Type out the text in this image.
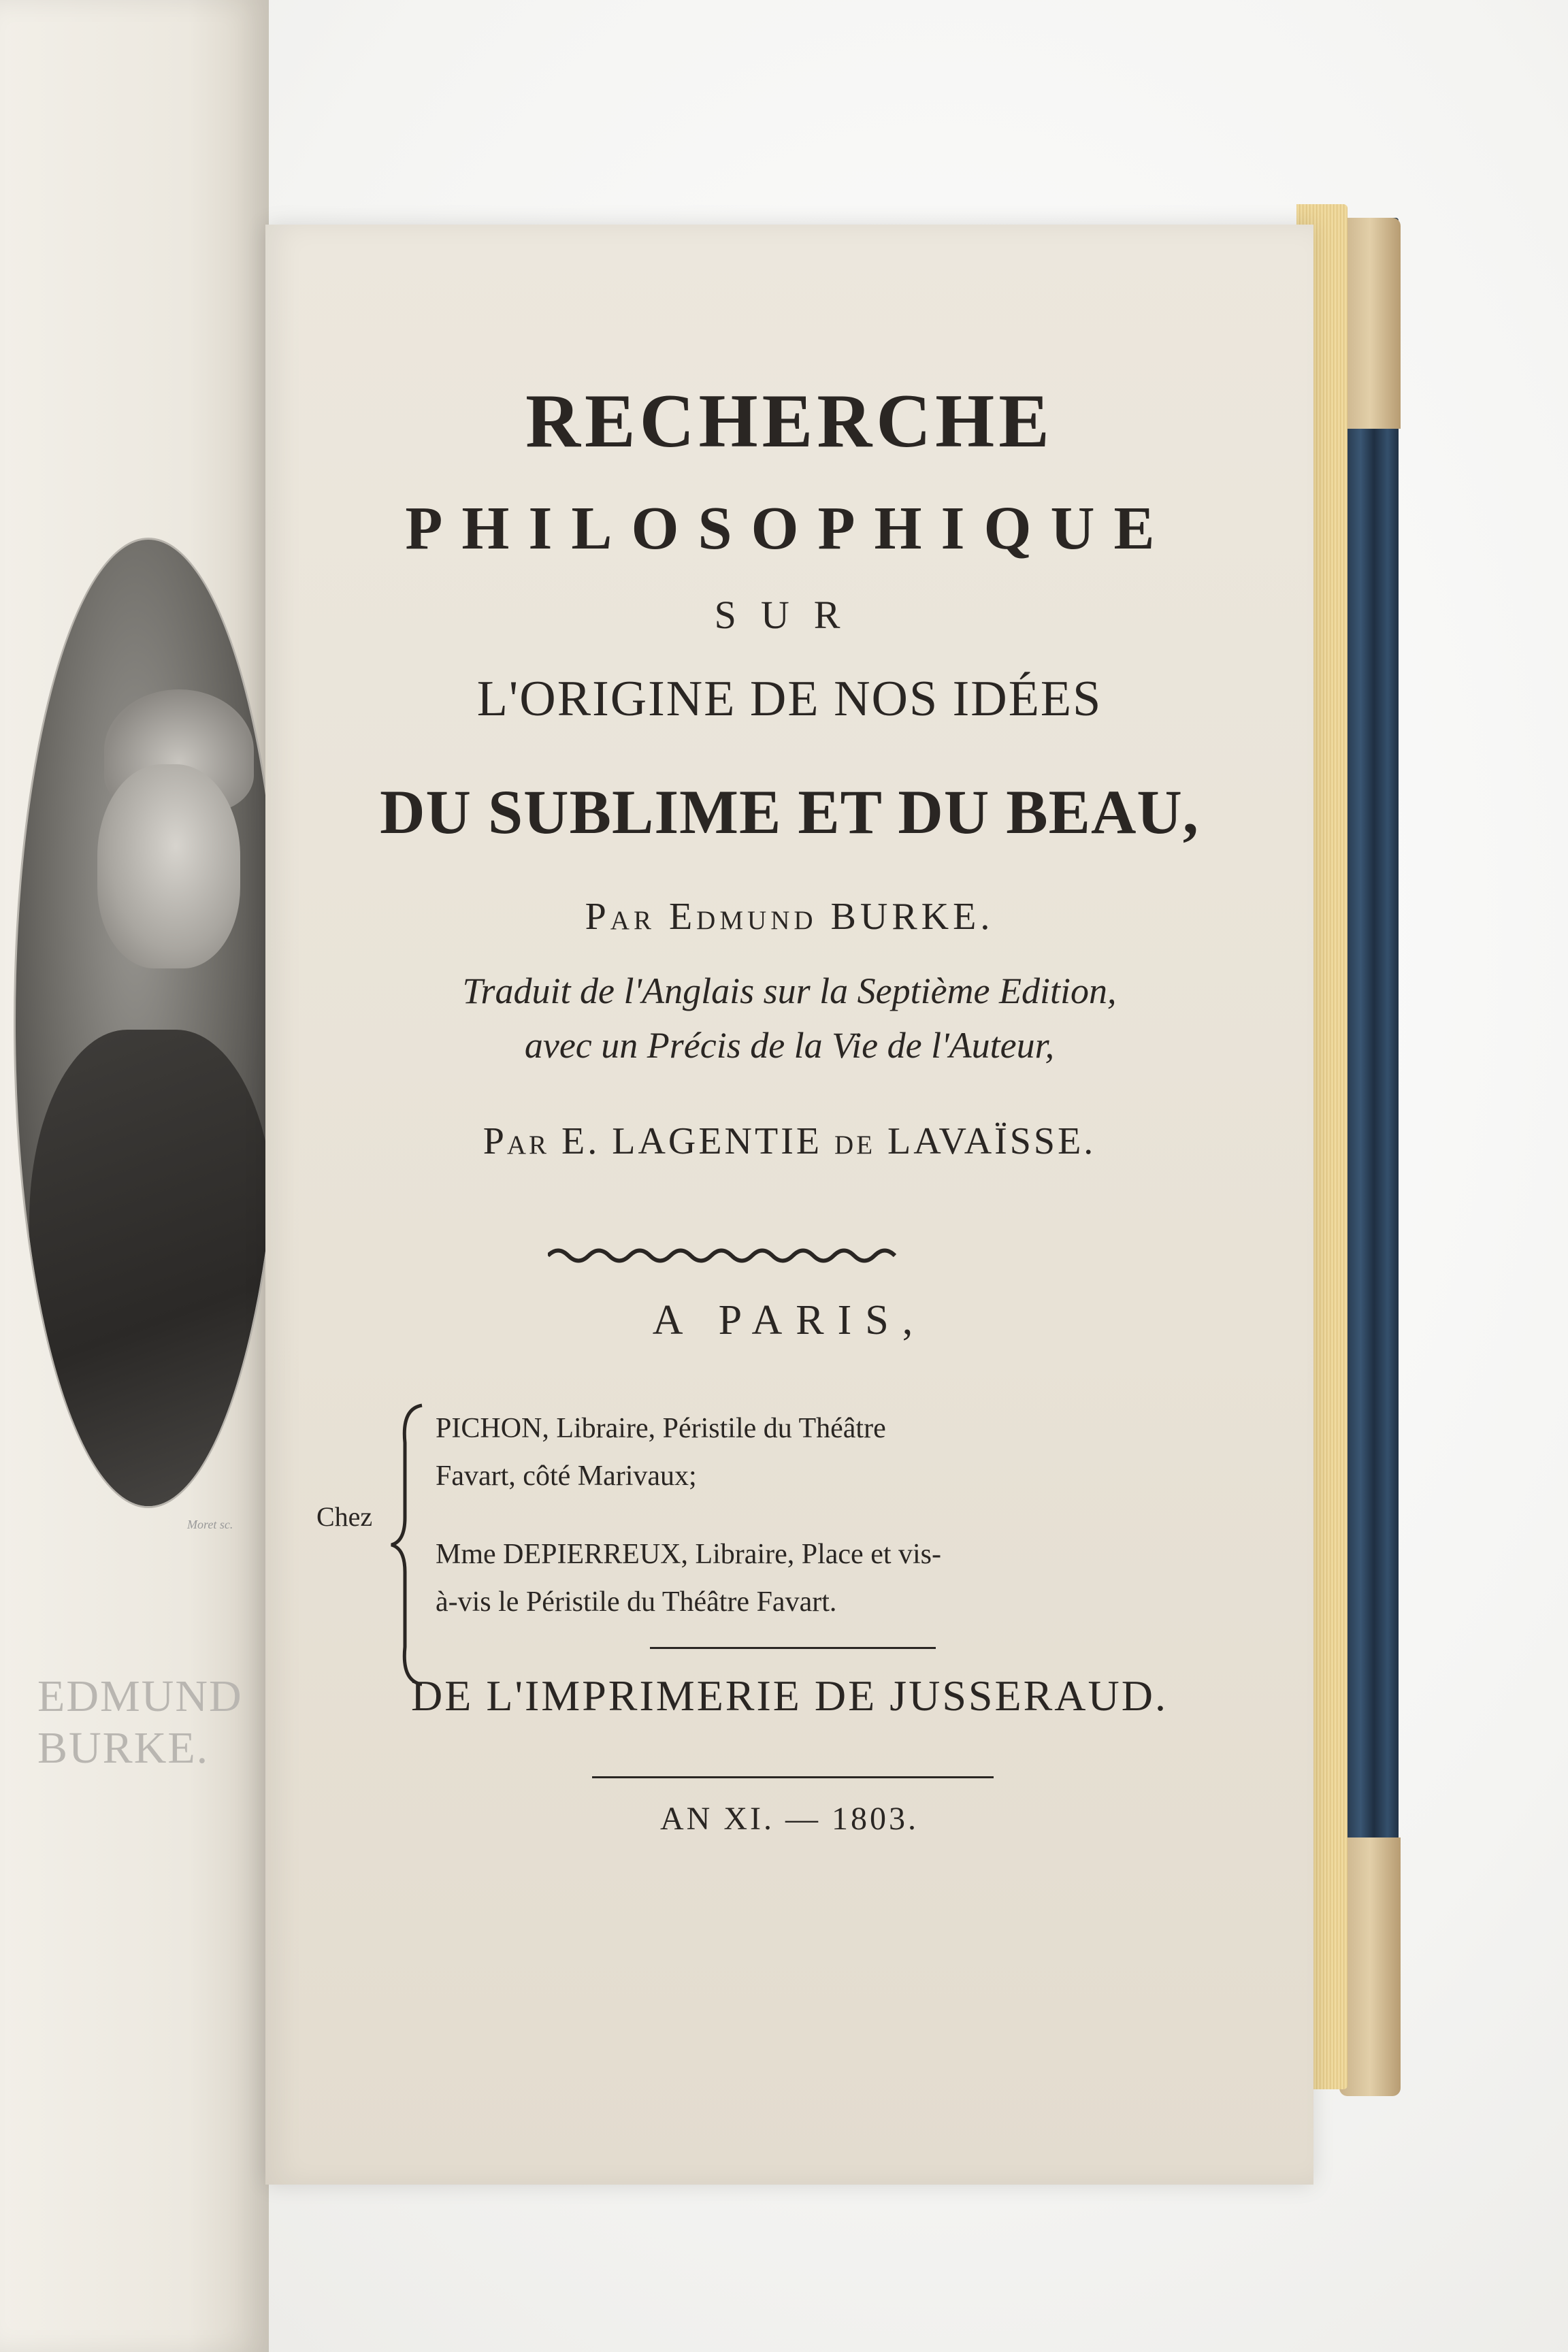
Moret sc.

EDMUND BURKE.

RECHERCHE

PHILOSOPHIQUE

SUR

L'ORIGINE DE NOS IDÉES

DU SUBLIME ET DU BEAU,

Par Edmund BURKE.

Traduit de l'Anglais sur la Septième Edition,

avec un Précis de la Vie de l'Auteur,

Par E. LAGENTIE de LAVAÏSSE.

A PARIS,

Chez

PICHON, Libraire, Péristile du Théâtre

Favart, côté Marivaux;

Mme DEPIERREUX, Libraire, Place et vis-

à-vis le Péristile du Théâtre Favart.

DE L'IMPRIMERIE DE JUSSERAUD.

AN XI. — 1803.
